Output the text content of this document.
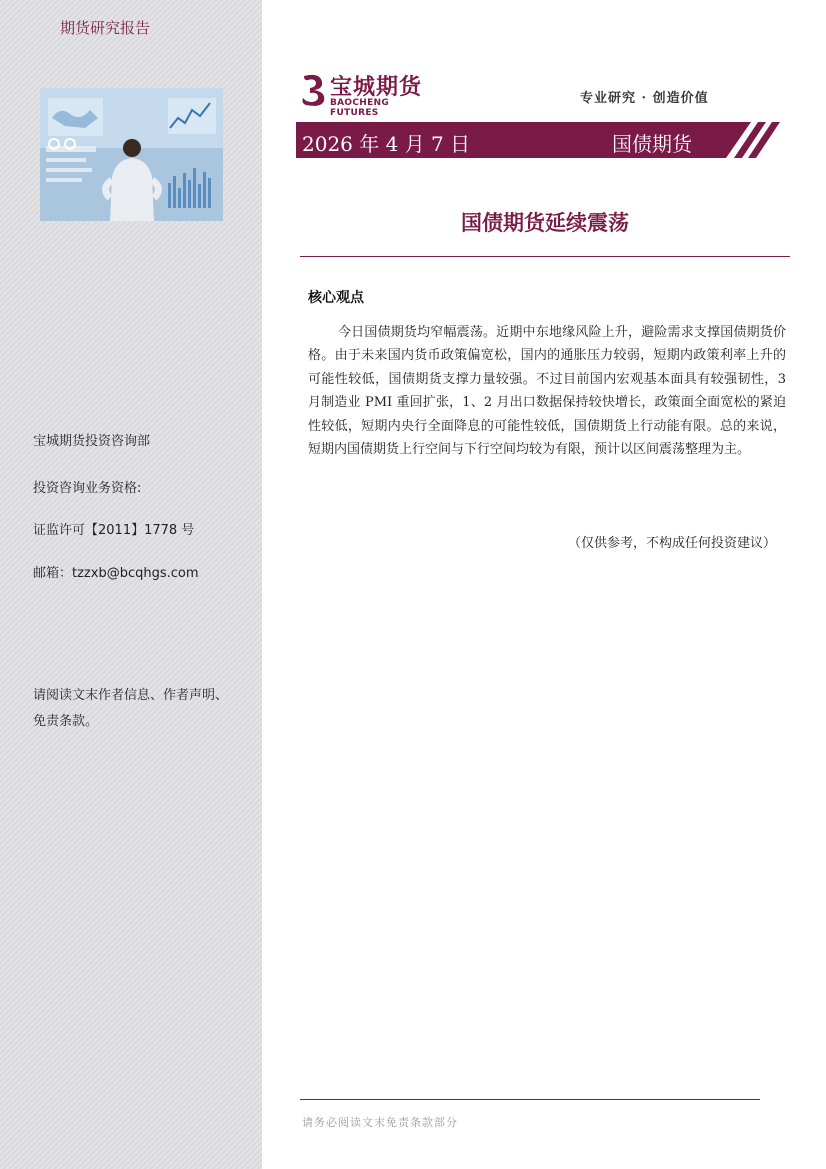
期货研究报告
宝城期货投资咨询部
投资咨询业务资格:
证监许可【2011】1778 号
邮箱：tzzxb@bcqhgs.com
请阅读文末作者信息、作者声明、免责条款。
宝城期货
BAOCHENG FUTURES
专业研究 · 创造价值
2026 年 4 月 7 日	国债期货
国债期货延续震荡
核心观点
今日国债期货均窄幅震荡。近期中东地缘风险上升，避险需求支撑国债期货价格。由于未来国内货币政策偏宽松，国内的通胀压力较弱，短期内政策利率上升的可能性较低，国债期货支撑力量较强。不过目前国内宏观基本面具有较强韧性，3 月制造业 PMI 重回扩张，1、2 月出口数据保持较快增长，政策面全面宽松的紧迫性较低，短期内央行全面降息的可能性较低，国债期货上行动能有限。总的来说，短期内国债期货上行空间与下行空间均较为有限，预计以区间震荡整理为主。
（仅供参考，不构成任何投资建议）
请务必阅读文末免责条款部分
